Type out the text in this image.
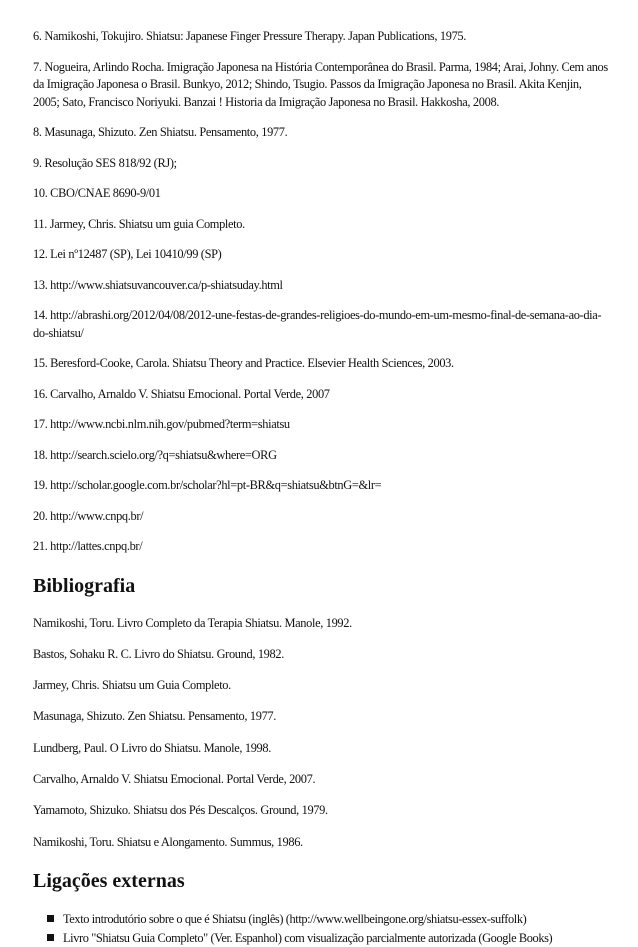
6. Namikoshi, Tokujiro. Shiatsu: Japanese Finger Pressure Therapy. Japan Publications, 1975.

7. Nogueira, Arlindo Rocha. Imigração Japonesa na História Contemporânea do Brasil. Parma, 1984; Arai, Johny. Cem anos da Imigração Japonesa o Brasil. Bunkyo, 2012; Shindo, Tsugio. Passos da Imigração Japonesa no Brasil. Akita Kenjin, 2005; Sato, Francisco Noriyuki. Banzai ! Historia da Imigração Japonesa no Brasil. Hakkosha, 2008.

8. Masunaga, Shizuto. Zen Shiatsu. Pensamento, 1977.

9. Resolução SES 818/92 (RJ);

10. CBO/CNAE 8690-9/01

11. Jarmey, Chris. Shiatsu um guia Completo.

12. Lei nº12487 (SP), Lei 10410/99 (SP)

13. http://www.shiatsuvancouver.ca/p-shiatsuday.html

14. http://abrashi.org/2012/04/08/2012-une-festas-de-grandes-religioes-do-mundo-em-um-mesmo-final-de-semana-ao-dia-do-shiatsu/

15. Beresford-Cooke, Carola. Shiatsu Theory and Practice. Elsevier Health Sciences, 2003.

16. Carvalho, Arnaldo V. Shiatsu Emocional. Portal Verde, 2007

17. http://www.ncbi.nlm.nih.gov/pubmed?term=shiatsu

18. http://search.scielo.org/?q=shiatsu&where=ORG

19. http://scholar.google.com.br/scholar?hl=pt-BR&q=shiatsu&btnG=&lr=

20. http://www.cnpq.br/

21. http://lattes.cnpq.br/

Bibliografia

Namikoshi, Toru. Livro Completo da Terapia Shiatsu. Manole, 1992.

Bastos, Sohaku R. C. Livro do Shiatsu. Ground, 1982.

Jarmey, Chris. Shiatsu um Guia Completo.

Masunaga, Shizuto. Zen Shiatsu. Pensamento, 1977.

Lundberg, Paul. O Livro do Shiatsu. Manole, 1998.

Carvalho, Arnaldo V. Shiatsu Emocional. Portal Verde, 2007.

Yamamoto, Shizuko. Shiatsu dos Pés Descalços. Ground, 1979.

Namikoshi, Toru. Shiatsu e Alongamento. Summus, 1986.

Ligações externas
Texto introdutório sobre o que é Shiatsu (inglês) (http://www.wellbeingone.org/shiatsu-essex-suffolk)
Livro "Shiatsu Guia Completo" (Ver. Espanhol) com visualização parcialmente autorizada (Google Books)
